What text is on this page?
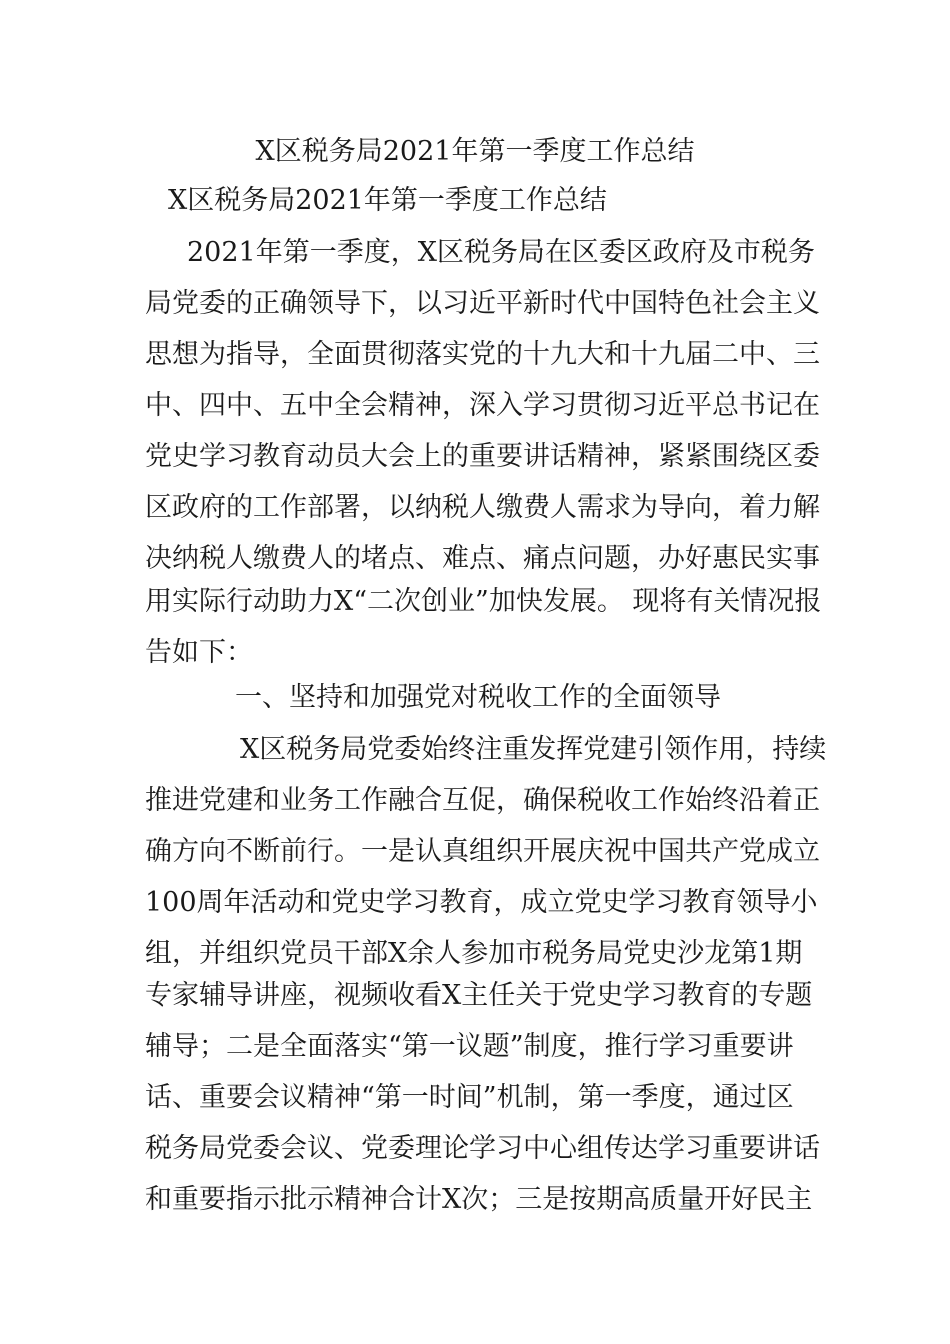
X区税务局2021年第一季度工作总结
X区税务局2021年第一季度工作总结
2021年第一季度，X区税务局在区委区政府及市税务
局党委的正确领导下，以习近平新时代中国特色社会主义
思想为指导，全面贯彻落实党的十九大和十九届二中、三
中、四中、五中全会精神，深入学习贯彻习近平总书记在
党史学习教育动员大会上的重要讲话精神，紧紧围绕区委
区政府的工作部署，以纳税人缴费人需求为导向，着力解
决纳税人缴费人的堵点、难点、痛点问题，办好惠民实事
用实际行动助力X“二次创业”加快发展。 现将有关情况报
告如下：
一、坚持和加强党对税收工作的全面领导
X区税务局党委始终注重发挥党建引领作用，持续
推进党建和业务工作融合互促，确保税收工作始终沿着正
确方向不断前行。一是认真组织开展庆祝中国共产党成立
100周年活动和党史学习教育，成立党史学习教育领导小
组，并组织党员干部X余人参加市税务局党史沙龙第1期
专家辅导讲座，视频收看X主任关于党史学习教育的专题
辅导；二是全面落实“第一议题”制度，推行学习重要讲
话、重要会议精神“第一时间”机制，第一季度，通过区
税务局党委会议、党委理论学习中心组传达学习重要讲话
和重要指示批示精神合计X次；三是按期高质量开好民主
